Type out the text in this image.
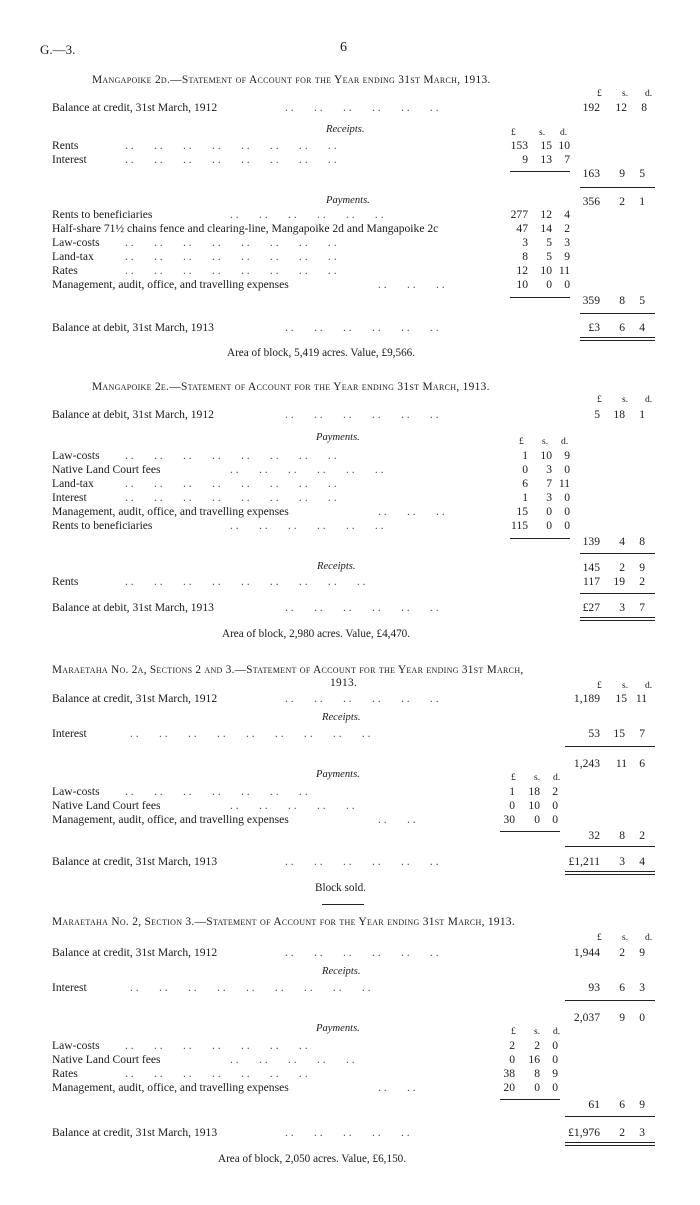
G.—3.	6
Mangapoike 2d.—Statement of Account for the Year ending 31st March, 1913.
£ s. d.
Balance at credit, 31st March, 1912	. .       . .       . .       . .       . .       . .	192 12 8
Receipts.	£ s. d.
Rents	. .       . .       . .       . .       . .       . .       . .       . .	153 15 10
Interest	. .       . .       . .       . .       . .       . .       . .       . .	9 13 7
163 9 5
356 2 1
Payments.
Rents to beneficiaries	. .       . .       . .       . .       . .       . .	277 12 4
Half-share 71½ chains fence and clearing-line, Mangapoike 2d and Mangapoike 2c	47 14 2
Law-costs . .       . .       . .       . .       . .       . .       . .       . .	3 5 3
Land-tax	. .       . .       . .       . .       . .       . .       . .       . .	8 5 9
Rates	. .       . .       . .       . .       . .       . .       . .       . .	12 10 11
Management, audit, office, and travelling expenses	. .       . .       . .	10 0 0
359 8 5
Balance at debit, 31st March, 1913	. .       . .       . .       . .       . .       . .	£3 6 4
Area of block, 5,419 acres. Value, £9,566.
Mangapoike 2e.—Statement of Account for the Year ending 31st March, 1913.
£ s. d.
Balance at debit, 31st March, 1912	. .       . .       . .       . .       . .       . .	5 18 1
Payments.	£ s. d.
Law-costs . .       . .       . .       . .       . .       . .       . .       . .	1 10 9
Native Land Court fees	. .       . .       . .       . .       . .       . .	0 3 0
Land-tax	. .       . .       . .       . .       . .       . .       . .       . .	6 7 11
Interest	. .       . .       . .       . .       . .       . .       . .       . .	1 3 0
Management, audit, office, and travelling expenses	. .       . .       . .	15 0 0
Rents to beneficiaries	. .       . .       . .       . .       . .       . .	115 0 0
139 4 8
Receipts.	145 2 9
Rents	. .       . .       . .       . .       . .       . .       . .       . .       . .	117 19 2
Balance at debit, 31st March, 1913	. .       . .       . .       . .       . .       . .	£27 3 7
Area of block, 2,980 acres. Value, £4,470.
Maraetaha No. 2a, Sections 2 and 3.—Statement of Account for the Year ending 31st March,
1913.	£ s. d.
Balance at credit, 31st March, 1912	. .       . .       . .       . .       . .       . .	1,189 15 11
Receipts.
Interest	. .       . .       . .       . .       . .       . .       . .       . .       . .	53 15 7
1,243 11 6
Payments.	£ s. d.
Law-costs . .       . .       . .       . .       . .       . .       . .	1 18 2
Native Land Court fees	. .       . .       . .       . .       . .	0 10 0
Management, audit, office, and travelling expenses	. .       . .	30 0 0
32 8 2
Balance at credit, 31st March, 1913	. .       . .       . .       . .       . .       . .	£1,211 3 4
Block sold.
Maraetaha No. 2, Section 3.—Statement of Account for the Year ending 31st March, 1913.
£ s. d.
Balance at credit, 31st March, 1912	. .       . .       . .       . .       . .       . .	1,944 2 9
Receipts.
Interest	. .       . .       . .       . .       . .       . .       . .       . .       . .	93 6 3
2,037 9 0
Payments.	£ s. d.
Law-costs . .       . .       . .       . .       . .       . .       . .	2 2 0
Native Land Court fees	. .       . .       . .       . .       . .	0 16 0
Rates	. .       . .       . .       . .       . .       . .       . .	38 8 9
Management, audit, office, and travelling expenses	. .       . .	20 0 0
61 6 9
Balance at credit, 31st March, 1913	. .       . .       . .       . .       . .	£1,976 2 3
Area of block, 2,050 acres. Value, £6,150.
